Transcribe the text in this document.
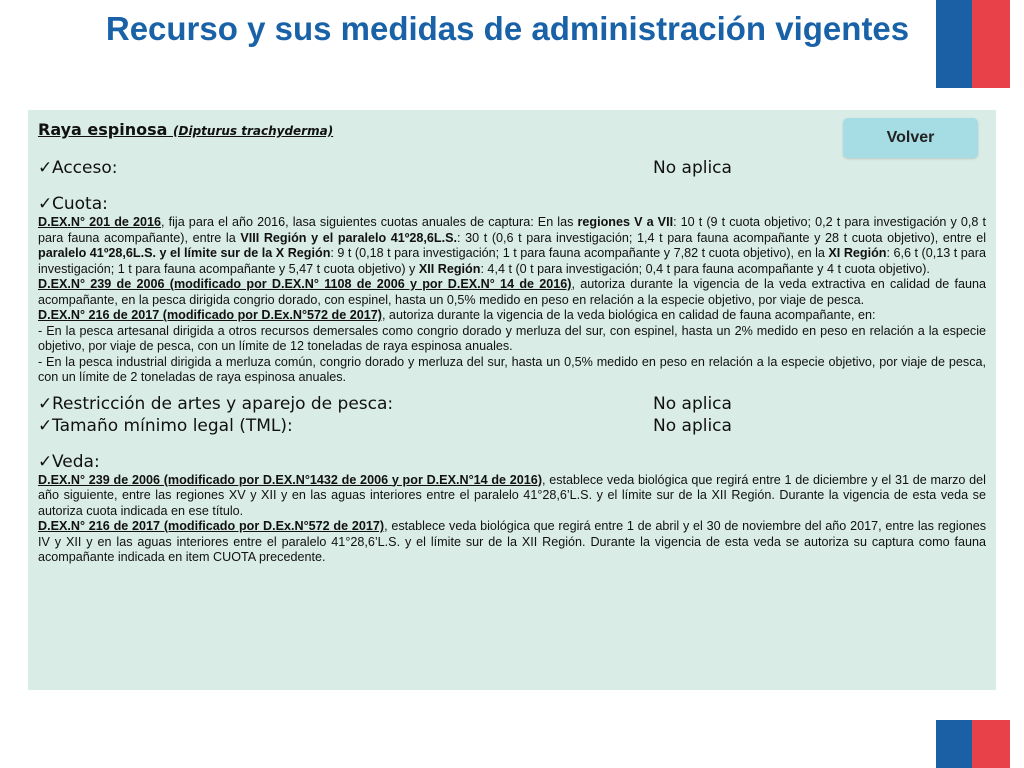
Recurso y sus medidas de administración vigentes
Raya espinosa (Dipturus trachyderma)
✓Acceso:	No aplica
✓Cuota:

D.EX.N° 201 de 2016, fija para el año 2016, lasa siguientes cuotas anuales de captura: En las regiones V a VII: 10 t (9 t cuota objetivo; 0,2 t para investigación y 0,8 t para fauna acompañante), entre la VIII Región y el paralelo 41º28,6L.S.: 30 t (0,6 t para investigación; 1,4 t para fauna acompañante y 28 t cuota objetivo), entre el paralelo 41º28,6L.S. y el límite sur de la X Región: 9 t (0,18 t para investigación; 1 t para fauna acompañante y 7,82 t cuota objetivo), en la XI Región: 6,6 t (0,13 t para investigación; 1 t para fauna acompañante y 5,47 t cuota objetivo) y XII Región: 4,4 t (0 t para investigación; 0,4 t para fauna acompañante y 4 t cuota objetivo).

D.EX.N° 239 de 2006 (modificado por D.EX.N° 1108 de 2006 y por D.EX.N° 14 de 2016), autoriza durante la vigencia de la veda extractiva en calidad de fauna acompañante, en la pesca dirigida congrio dorado, con espinel, hasta un 0,5% medido en peso en relación a la especie objetivo, por viaje de pesca.

D.EX.N° 216 de 2017 (modificado por D.Ex.N°572 de 2017), autoriza durante la vigencia de la veda biológica en calidad de fauna acompañante, en:

- En la pesca artesanal dirigida a otros recursos demersales como congrio dorado y merluza del sur, con espinel, hasta un 2% medido en peso en relación a la especie objetivo, por viaje de pesca, con un límite de 12 toneladas de raya espinosa anuales.

- En la pesca industrial dirigida a merluza común, congrio dorado y merluza del sur, hasta un 0,5% medido en peso en relación a la especie objetivo, por viaje de pesca, con un límite de 2 toneladas de raya espinosa anuales.

✓Restricción de artes y aparejo de pesca:	No aplica
✓Tamaño mínimo legal (TML):	No aplica
✓Veda:

D.EX.N° 239 de 2006 (modificado por D.EX.N°1432 de 2006 y por D.EX.N°14 de 2016), establece veda biológica que regirá entre 1 de diciembre y el 31 de marzo del año siguiente, entre las regiones XV y XII y en las aguas interiores entre el paralelo 41°28,6’L.S. y el límite sur de la XII Región. Durante la vigencia de esta veda se autoriza cuota indicada en ese título.

D.EX.N° 216 de 2017 (modificado por D.Ex.N°572 de 2017), establece veda biológica que regirá entre 1 de abril y el 30 de noviembre del año 2017, entre las regiones IV y XII y en las aguas interiores entre el paralelo 41°28,6’L.S. y el límite sur de la XII Región. Durante la vigencia de esta veda se autoriza su captura como fauna acompañante indicada en item CUOTA precedente.

Volver
